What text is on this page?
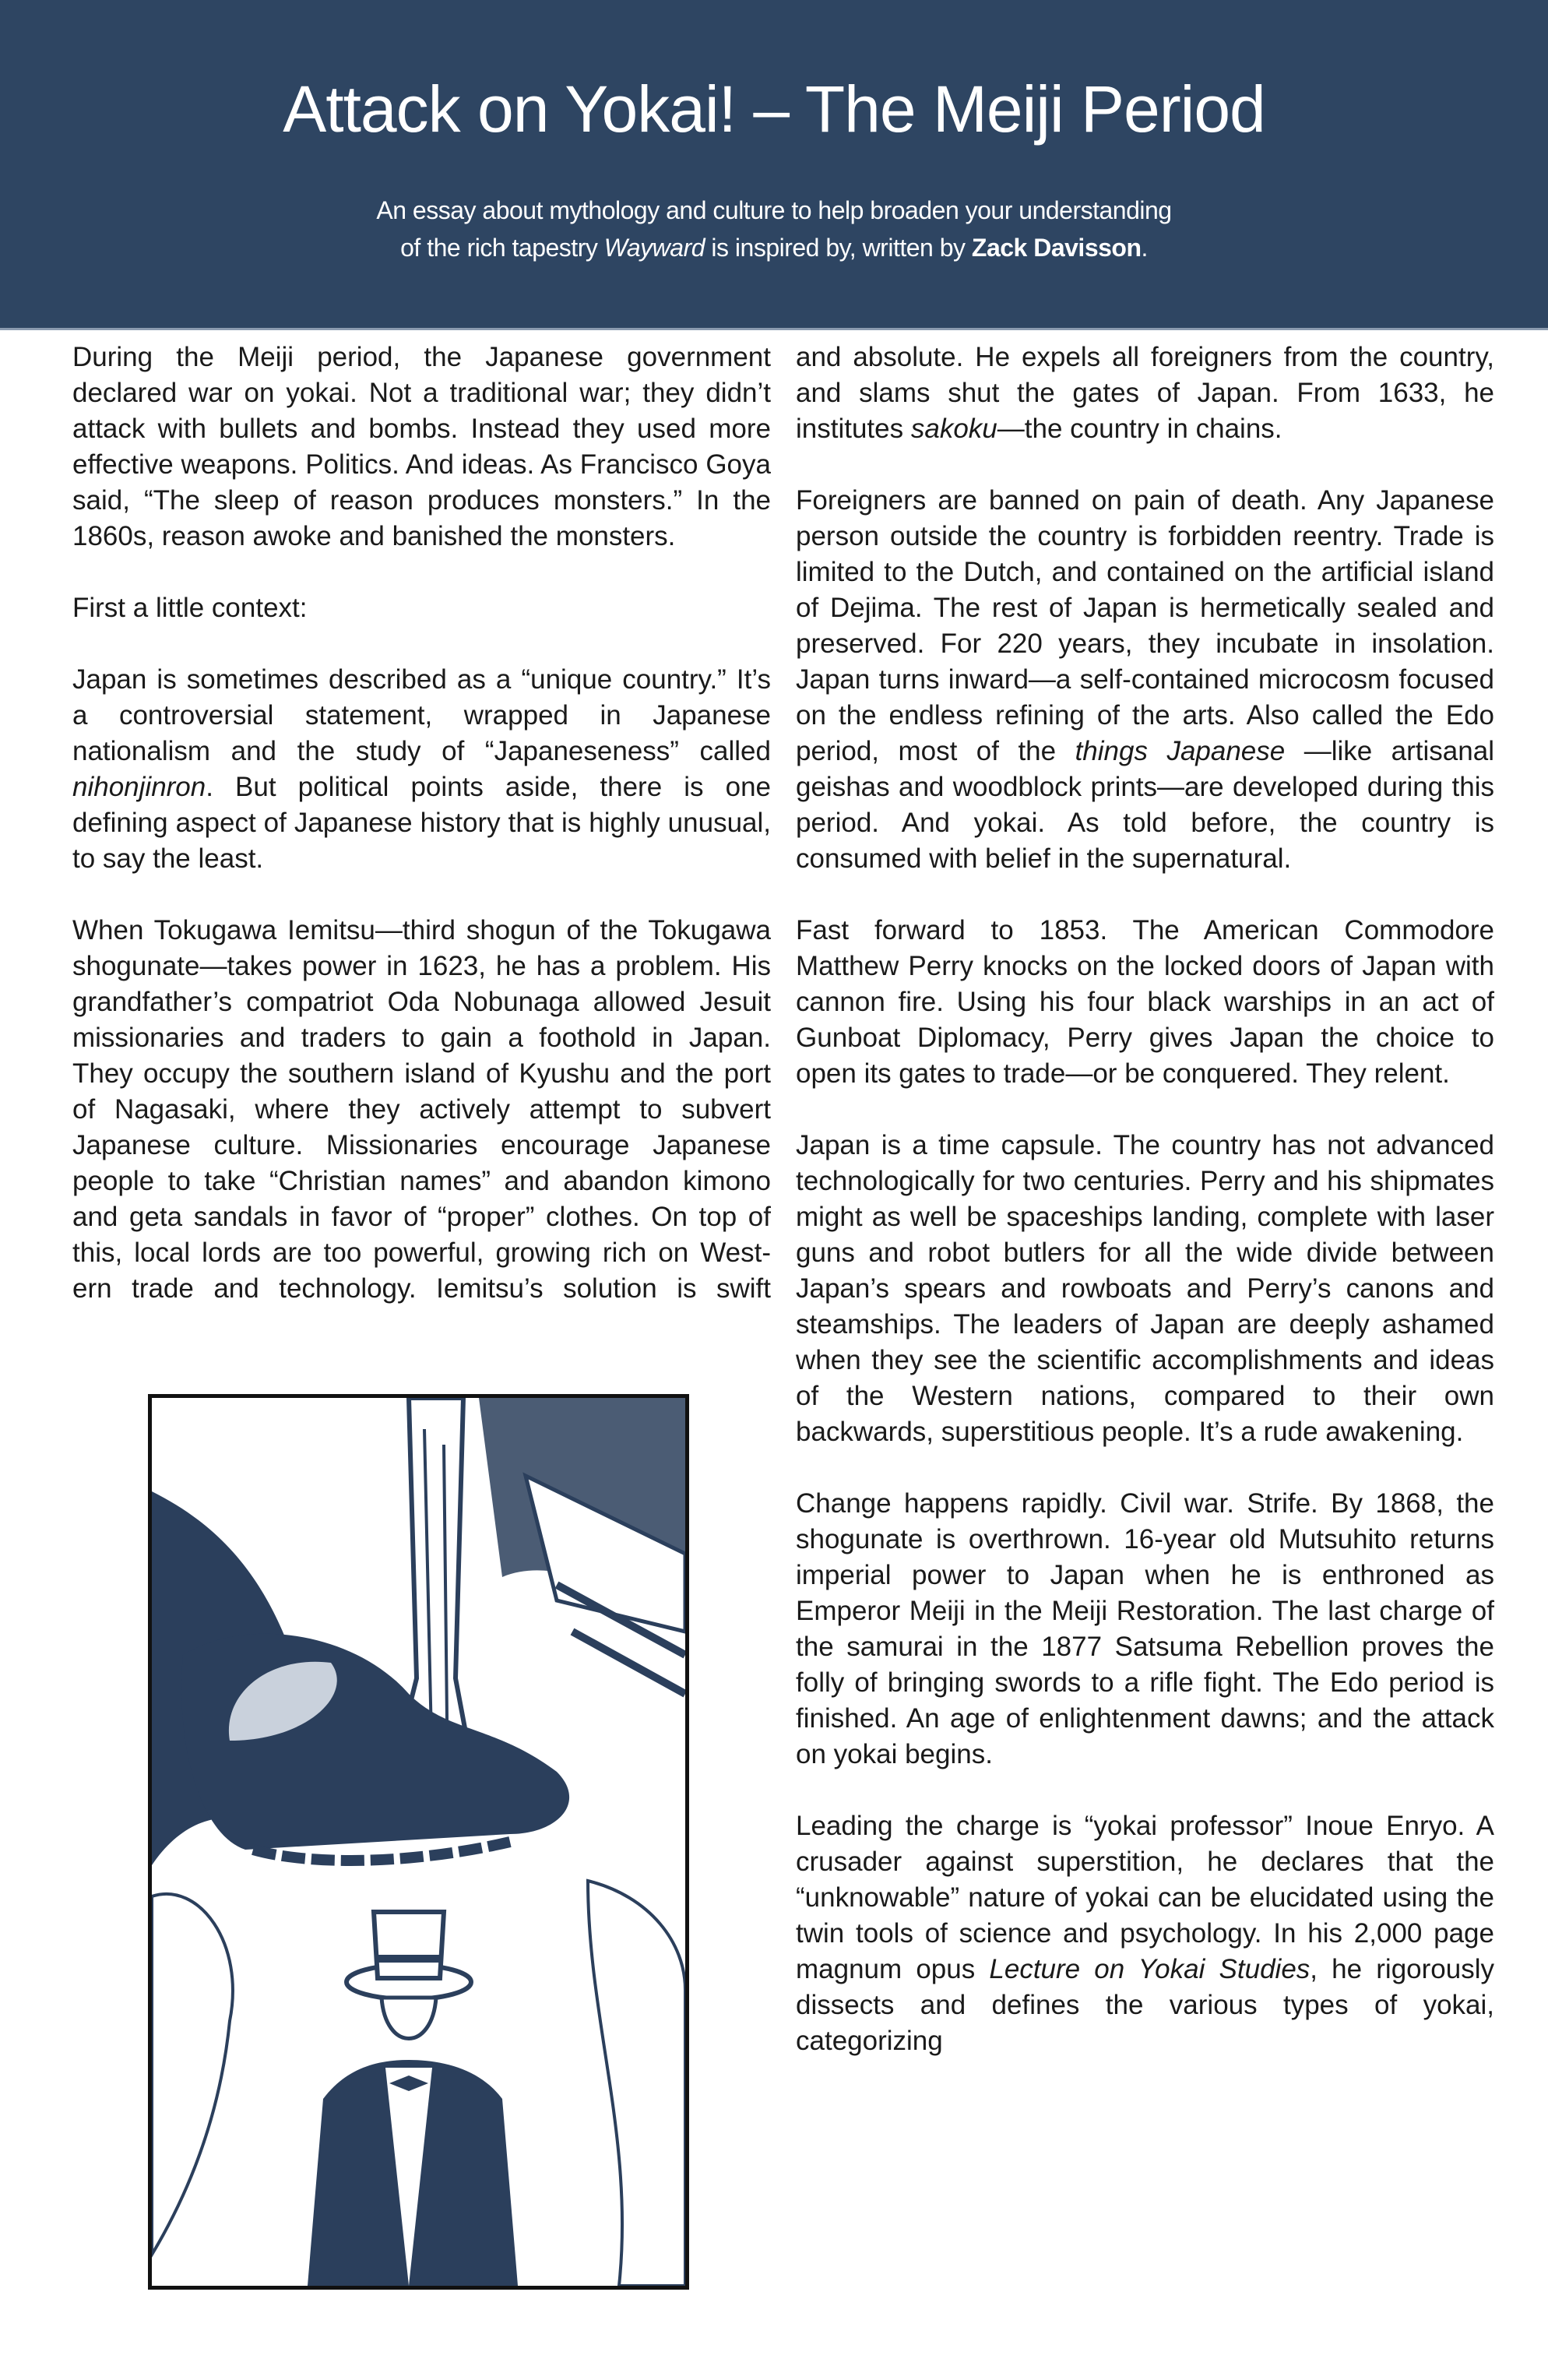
Attack on Yokai! – The Meiji Period
An essay about mythology and culture to help broaden your understanding
of the rich tapestry Wayward is inspired by, written by Zack Davisson.

During the Meiji period, the Japanese government declared war on yokai. Not a traditional war; they didn’t attack with bullets and bombs. Instead they used more effective weapons. Politics. And ideas. As Francisco Goya said, “The sleep of reason produces monsters.” In the 1860s, reason awoke and banished the monsters.

First a little context:

Japan is sometimes described as a “unique country.” It’s a controversial statement, wrapped in Japanese nationalism and the study of “Japaneseness” called nihonjinron. But political points aside, there is one defining aspect of Japanese history that is highly unusual, to say the least.

When Tokugawa Iemitsu—third shogun of the Tokugawa shogunate—takes power in 1623, he has a problem. His grandfather’s compatriot Oda Nobunaga allowed Jesuit missionaries and traders to gain a foothold in Japan. They occupy the southern island of Kyushu and the port of Nagasaki, where they actively attempt to subvert Japanese culture. Missionaries encourage Japanese people to take “Christian names” and abandon kimono and geta sandals in favor of “proper” clothes. On top of this, local lords are too powerful, growing rich on West-ern trade and technology. Iemitsu’s solution is swift

and absolute. He expels all foreigners from the country, and slams shut the gates of Japan. From 1633, he institutes sakoku—the country in chains.

Foreigners are banned on pain of death. Any Japanese person outside the country is forbidden reentry. Trade is limited to the Dutch, and contained on the artificial island of Dejima. The rest of Japan is hermetically sealed and preserved. For 220 years, they incubate in insolation. Japan turns inward—a self-contained microcosm focused on the endless refining of the arts. Also called the Edo period, most of the things Japanese —like artisanal geishas and woodblock prints—are developed during this period. And yokai. As told before, the country is consumed with belief in the supernatural.

Fast forward to 1853. The American Commodore Matthew Perry knocks on the locked doors of Japan with cannon fire. Using his four black warships in an act of Gunboat Diplomacy, Perry gives Japan the choice to open its gates to trade—or be conquered. They relent.

Japan is a time capsule. The country has not advanced technologically for two centuries. Perry and his shipmates might as well be spaceships landing, complete with laser guns and robot butlers for all the wide divide between Japan’s spears and rowboats and Perry’s canons and steamships. The leaders of Japan are deeply ashamed when they see the scientific accomplishments and ideas of the Western nations, compared to their own backwards, superstitious people. It’s a rude awakening.

Change happens rapidly. Civil war. Strife. By 1868, the shogunate is overthrown. 16-year old Mutsuhito returns imperial power to Japan when he is enthroned as Emperor Meiji in the Meiji Restoration. The last charge of the samurai in the 1877 Satsuma Rebellion proves the folly of bringing swords to a rifle fight. The Edo period is finished. An age of enlightenment dawns; and the attack on yokai begins.

Leading the charge is “yokai professor” Inoue Enryo. A crusader against superstition, he declares that the “unknowable” nature of yokai can be elucidated using the twin tools of science and psychology. In his 2,000 page magnum opus Lecture on Yokai Studies, he rigorously dissects and defines the various types of yokai, categorizing
